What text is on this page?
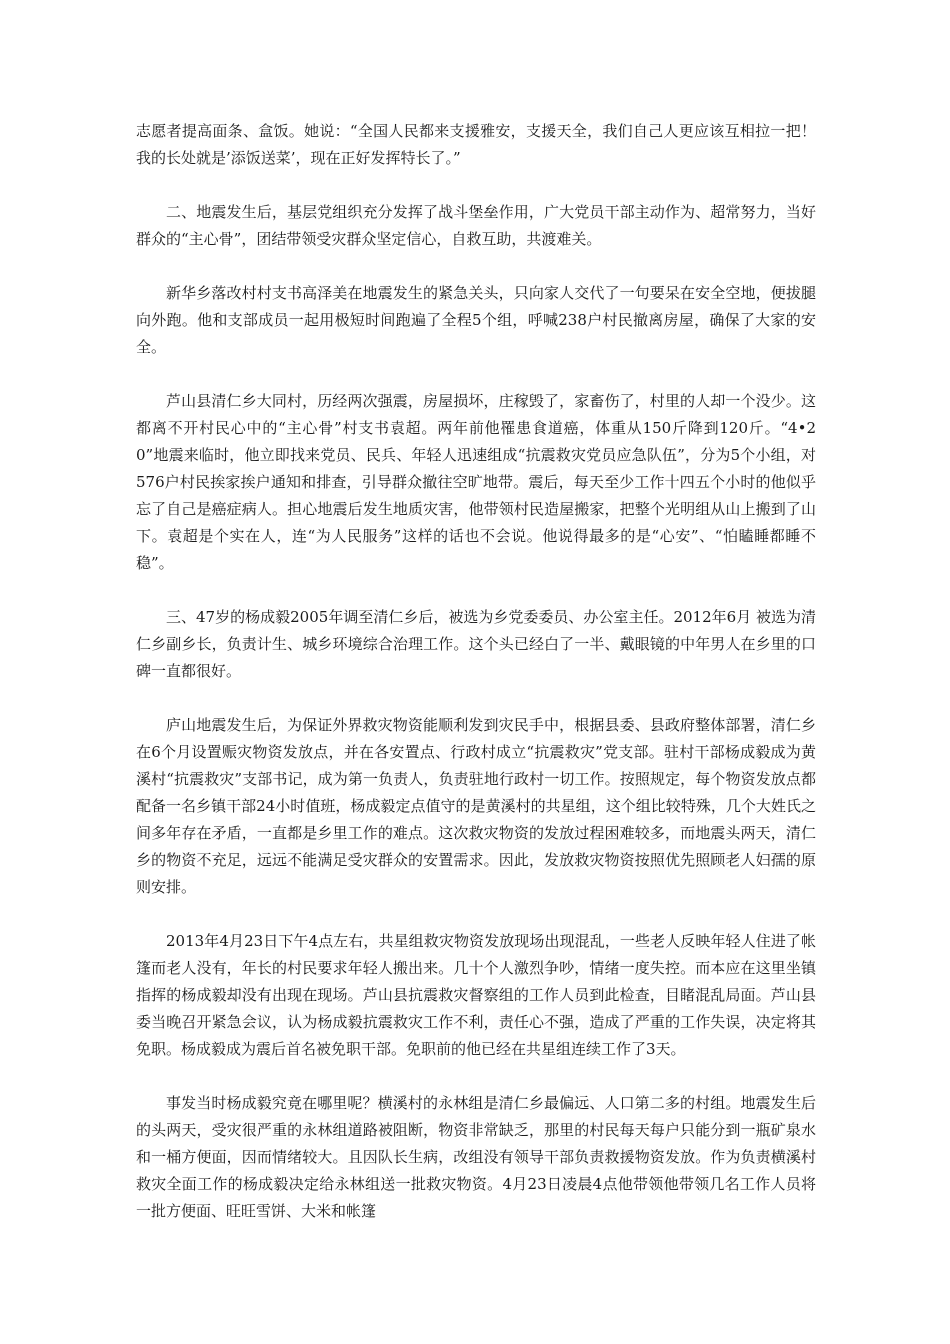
志愿者提高面条、盒饭。她说：“全国人民都来支援雅安，支援天全，我们自己人更应该互相拉一把！我的长处就是’添饭送菜’，现在正好发挥特长了。”

二、地震发生后，基层党组织充分发挥了战斗堡垒作用，广大党员干部主动作为、超常努力，当好群众的“主心骨”，团结带领受灾群众坚定信心，自救互助，共渡难关。

新华乡落改村村支书高泽美在地震发生的紧急关头，只向家人交代了一句要呆在安全空地，便拔腿向外跑。他和支部成员一起用极短时间跑遍了全程5个组，呼喊238户村民撤离房屋，确保了大家的安全。

芦山县清仁乡大同村，历经两次强震，房屋损坏，庄稼毁了，家畜伤了，村里的人却一个没少。这都离不开村民心中的“主心骨”村支书袁超。两年前他罹患食道癌，体重从150斤降到120斤。“4•20”地震来临时，他立即找来党员、民兵、年轻人迅速组成“抗震救灾党员应急队伍”，分为5个小组，对576户村民挨家挨户通知和排查，引导群众撤往空旷地带。震后，每天至少工作十四五个小时的他似乎忘了自己是癌症病人。担心地震后发生地质灾害，他带领村民造屋搬家，把整个光明组从山上搬到了山下。袁超是个实在人，连“为人民服务”这样的话也不会说。他说得最多的是“心安”、“怕瞌睡都睡不稳”。

三、47岁的杨成毅2005年调至清仁乡后，被选为乡党委委员、办公室主任。2012年6月 被选为清仁乡副乡长，负责计生、城乡环境综合治理工作。这个头已经白了一半、戴眼镜的中年男人在乡里的口碑一直都很好。

庐山地震发生后，为保证外界救灾物资能顺利发到灾民手中，根据县委、县政府整体部署，清仁乡在6个月设置赈灾物资发放点，并在各安置点、行政村成立“抗震救灾”党支部。驻村干部杨成毅成为黄溪村“抗震救灾”支部书记，成为第一负责人，负责驻地行政村一切工作。按照规定，每个物资发放点都配备一名乡镇干部24小时值班，杨成毅定点值守的是黄溪村的共星组，这个组比较特殊，几个大姓氏之间多年存在矛盾，一直都是乡里工作的难点。这次救灾物资的发放过程困难较多，而地震头两天，清仁乡的物资不充足，远远不能满足受灾群众的安置需求。因此，发放救灾物资按照优先照顾老人妇孺的原则安排。

2013年4月23日下午4点左右，共星组救灾物资发放现场出现混乱，一些老人反映年轻人住进了帐篷而老人没有，年长的村民要求年轻人搬出来。几十个人激烈争吵，情绪一度失控。而本应在这里坐镇指挥的杨成毅却没有出现在现场。芦山县抗震救灾督察组的工作人员到此检查，目睹混乱局面。芦山县委当晚召开紧急会议，认为杨成毅抗震救灾工作不利，责任心不强，造成了严重的工作失误，决定将其免职。杨成毅成为震后首名被免职干部。免职前的他已经在共星组连续工作了3天。

事发当时杨成毅究竟在哪里呢？横溪村的永林组是清仁乡最偏远、人口第二多的村组。地震发生后的头两天，受灾很严重的永林组道路被阻断，物资非常缺乏，那里的村民每天每户只能分到一瓶矿泉水和一桶方便面，因而情绪较大。且因队长生病，改组没有领导干部负责救援物资发放。作为负责横溪村救灾全面工作的杨成毅决定给永林组送一批救灾物资。4月23日凌晨4点他带领他带领几名工作人员将一批方便面、旺旺雪饼、大米和帐篷
